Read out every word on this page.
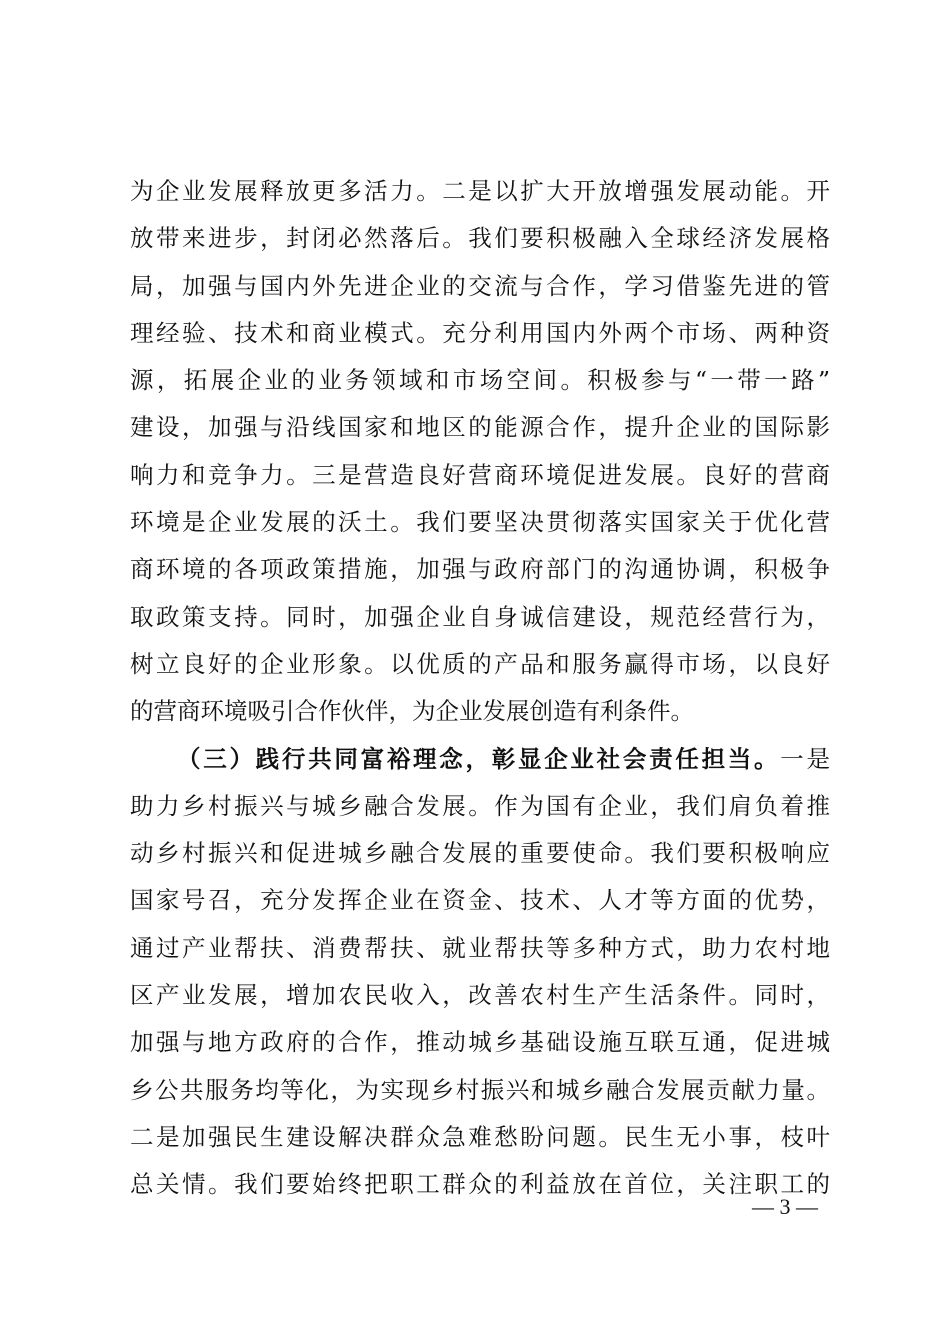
为企业发展释放更多活力。二是以扩大开放增强发展动能。开
放带来进步，封闭必然落后。我们要积极融入全球经济发展格
局，加强与国内外先进企业的交流与合作，学习借鉴先进的管
理经验、技术和商业模式。充分利用国内外两个市场、两种资
源，拓展企业的业务领域和市场空间。积极参与“一带一路”
建设，加强与沿线国家和地区的能源合作，提升企业的国际影
响力和竞争力。三是营造良好营商环境促进发展。良好的营商
环境是企业发展的沃土。我们要坚决贯彻落实国家关于优化营
商环境的各项政策措施，加强与政府部门的沟通协调，积极争
取政策支持。同时，加强企业自身诚信建设，规范经营行为，
树立良好的企业形象。以优质的产品和服务赢得市场，以良好
的营商环境吸引合作伙伴，为企业发展创造有利条件。
（三）践行共同富裕理念，彰显企业社会责任担当。一是
助力乡村振兴与城乡融合发展。作为国有企业，我们肩负着推
动乡村振兴和促进城乡融合发展的重要使命。我们要积极响应
国家号召，充分发挥企业在资金、技术、人才等方面的优势，
通过产业帮扶、消费帮扶、就业帮扶等多种方式，助力农村地
区产业发展，增加农民收入，改善农村生产生活条件。同时，
加强与地方政府的合作，推动城乡基础设施互联互通，促进城
乡公共服务均等化，为实现乡村振兴和城乡融合发展贡献力量。
二是加强民生建设解决群众急难愁盼问题。民生无小事，枝叶
总关情。我们要始终把职工群众的利益放在首位，关注职工的
— 3 —
